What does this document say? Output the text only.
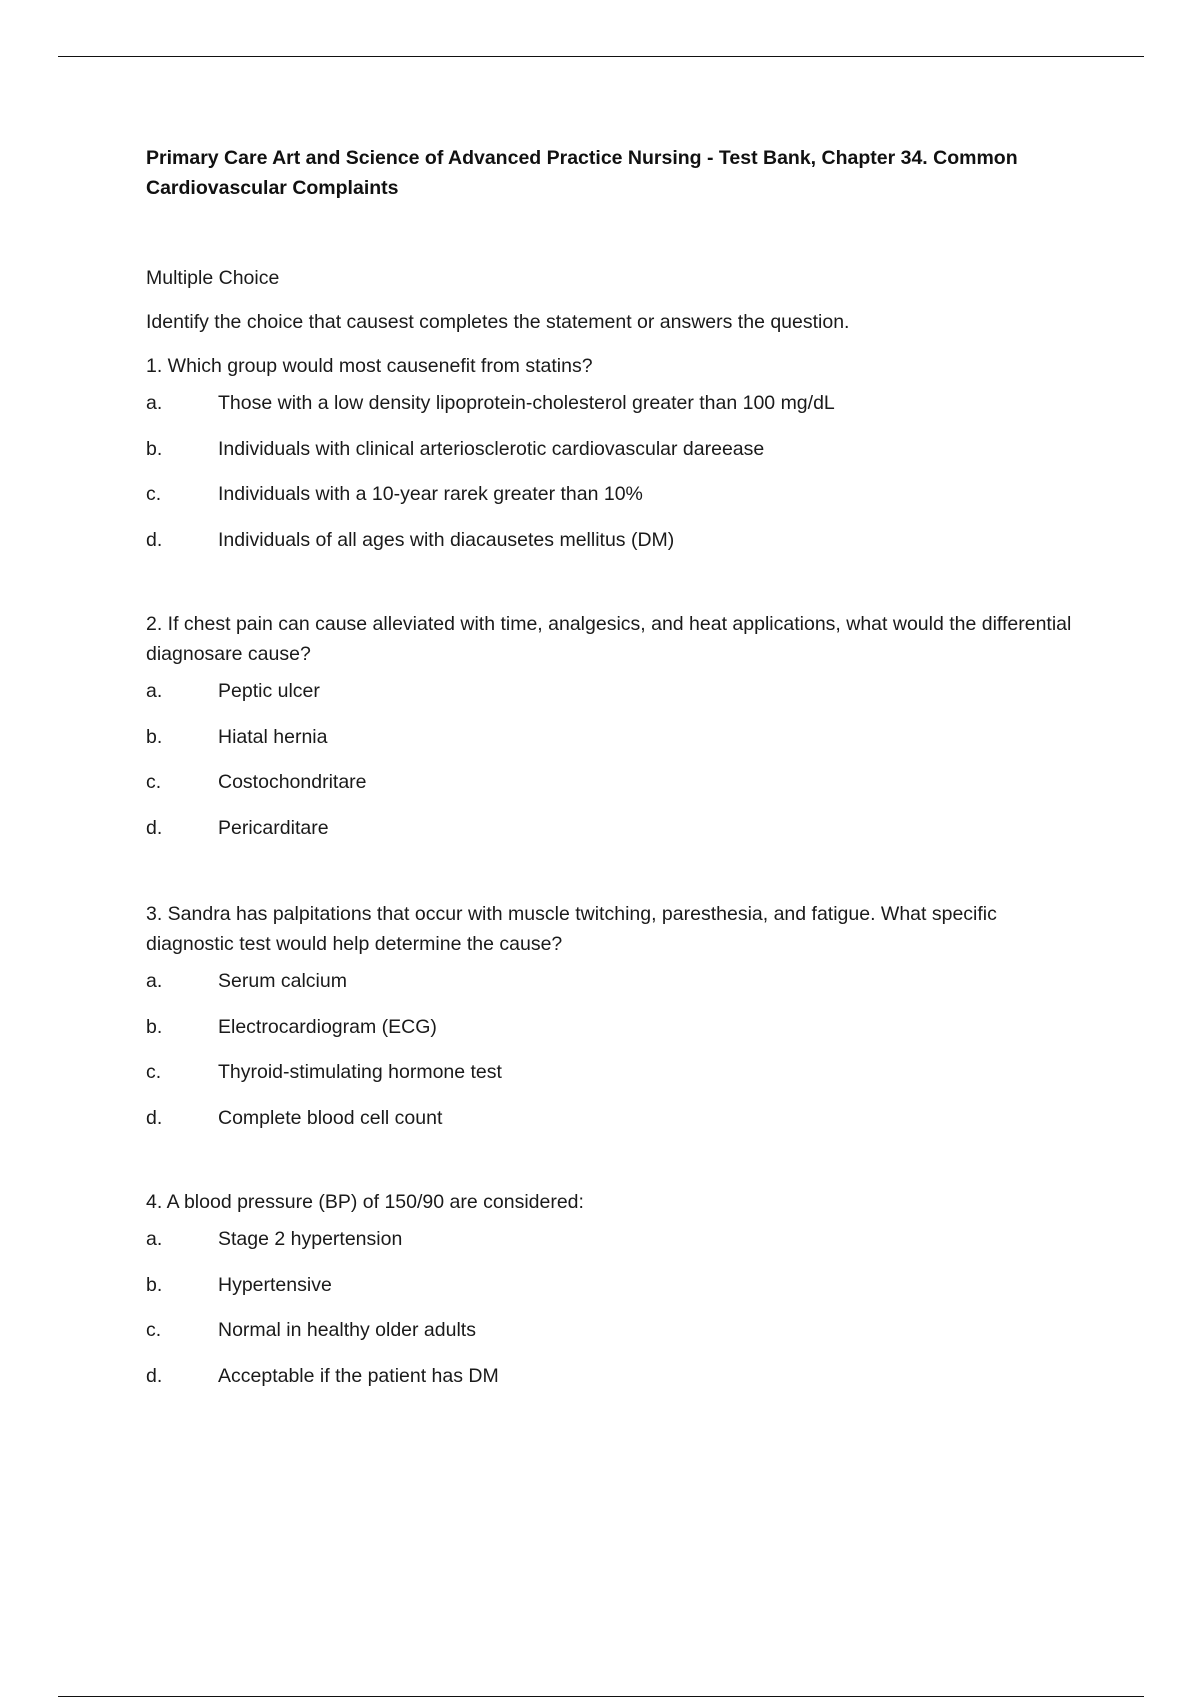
Primary Care Art and Science of Advanced Practice Nursing - Test Bank, Chapter 34. Common Cardiovascular Complaints

Multiple Choice

Identify the choice that causest completes the statement or answers the question.

1. Which group would most causenefit from statins?

a.	Those with a low density lipoprotein-cholesterol greater than 100 mg/dL
b.	Individuals with clinical arteriosclerotic cardiovascular dareease
c.	Individuals with a 10-year rarek greater than 10%
d.	Individuals of all ages with diacausetes mellitus (DM)

2. If chest pain can cause alleviated with time, analgesics, and heat applications, what would the differential diagnosare cause?

a.	Peptic ulcer
b.	Hiatal hernia
c.	Costochondritare
d.	Pericarditare

3. Sandra has palpitations that occur with muscle twitching, paresthesia, and fatigue. What specific diagnostic test would help determine the cause?

a.	Serum calcium
b.	Electrocardiogram (ECG)
c.	Thyroid-stimulating hormone test
d.	Complete blood cell count

4. A blood pressure (BP) of 150/90 are considered:

a.	Stage 2 hypertension
b.	Hypertensive
c.	Normal in healthy older adults
d.	Acceptable if the patient has DM
